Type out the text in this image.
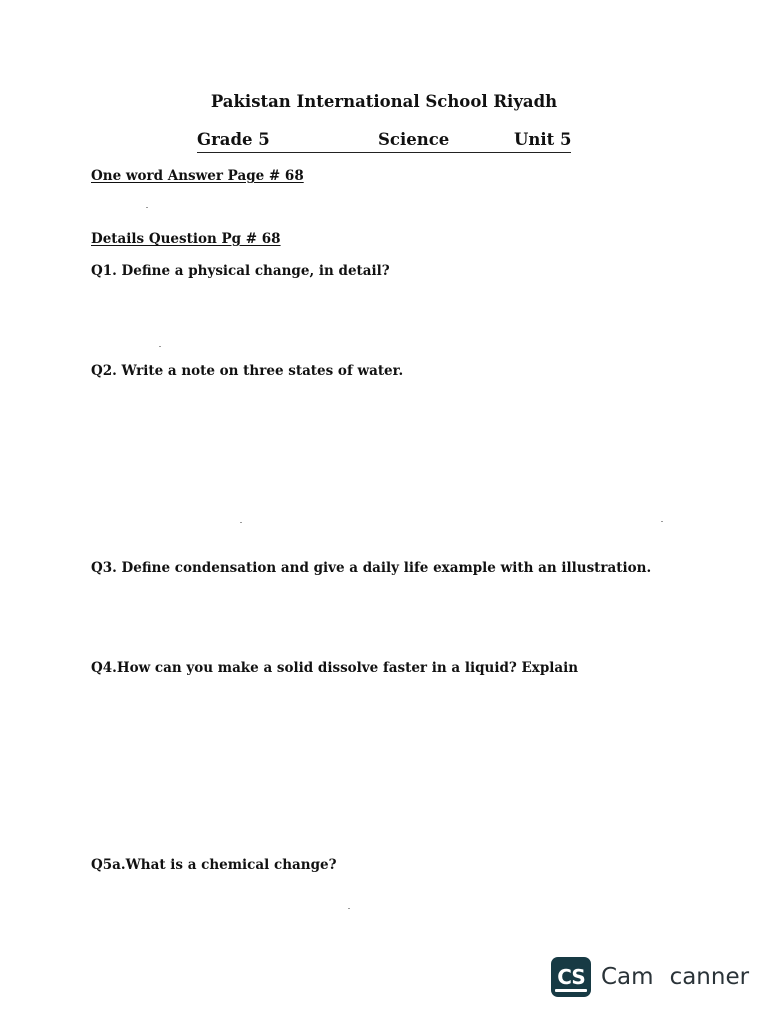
Pakistan International School Riyadh
Grade 5	Science	Unit 5
One word Answer Page # 68
Details Question Pg # 68
Q1. Define a physical change, in detail?
Q2. Write a note on three states of water.
Q3. Define condensation and give a daily life example with an illustration.
Q4.How can you make a solid dissolve faster in a liquid? Explain
Q5a.What is a chemical change?
CS Cam canner
